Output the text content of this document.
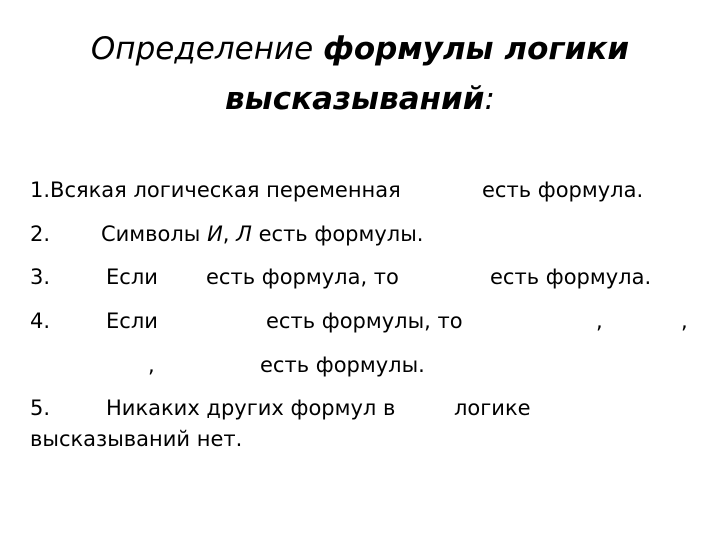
Определение формулы логики
высказываний:
1.Всякая логическая переменная	есть формула.
2. Символы И, Л есть формулы.
3.	Если есть формула, то	есть формула.
4.	Если	есть формулы, то	,	,
,	есть формулы.
5.	Никаких других формул в	логике
высказываний нет.
